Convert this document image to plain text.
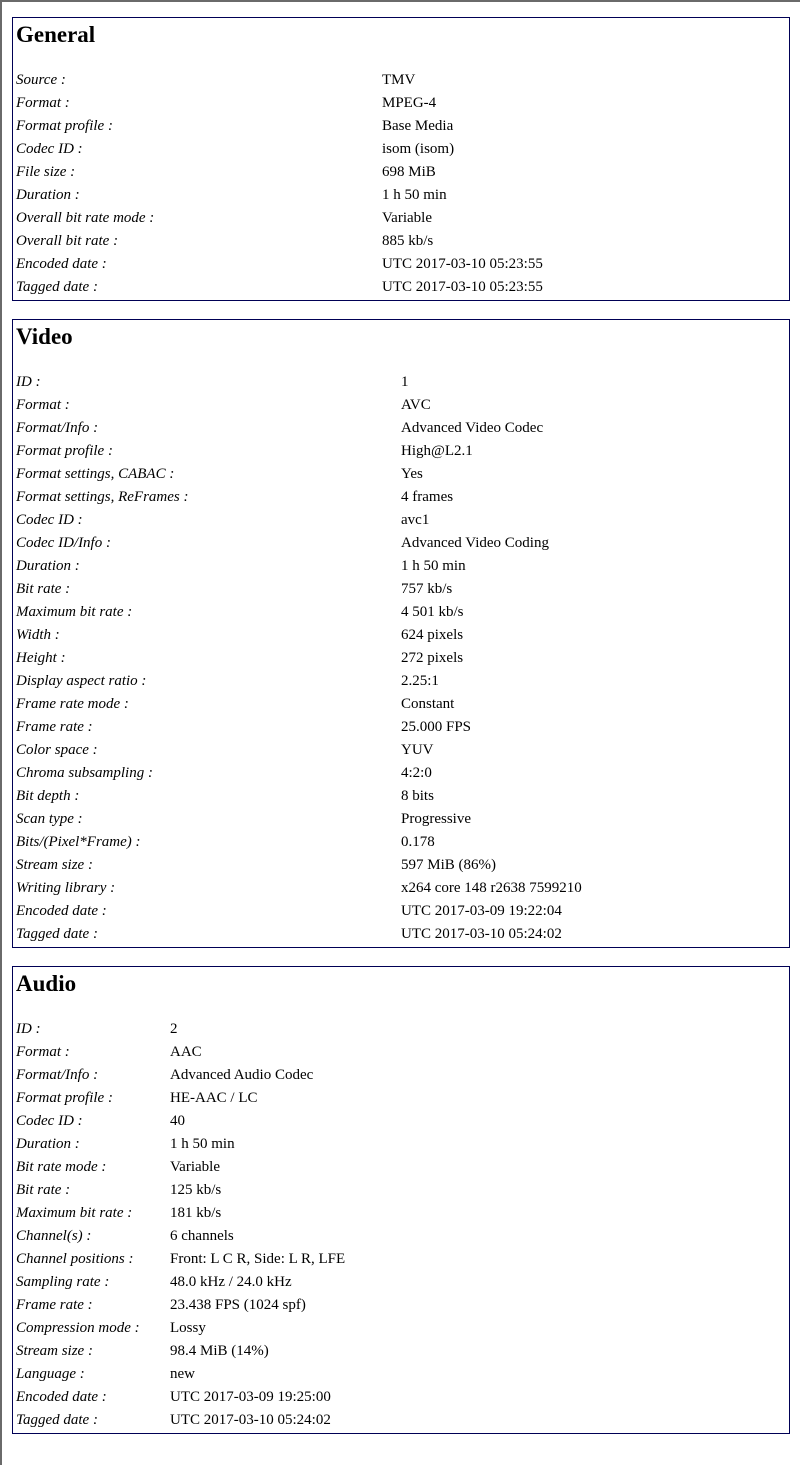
General
Source :	TMV
Format :	MPEG-4
Format profile :	Base Media
Codec ID :	isom (isom)
File size :	698 MiB
Duration :	1 h 50 min
Overall bit rate mode :	Variable
Overall bit rate :	885 kb/s
Encoded date :	UTC 2017-03-10 05:23:55
Tagged date :	UTC 2017-03-10 05:23:55
Video
ID :	1
Format :	AVC
Format/Info :	Advanced Video Codec
Format profile :	High@L2.1
Format settings, CABAC :	Yes
Format settings, ReFrames :	4 frames
Codec ID :	avc1
Codec ID/Info :	Advanced Video Coding
Duration :	1 h 50 min
Bit rate :	757 kb/s
Maximum bit rate :	4 501 kb/s
Width :	624 pixels
Height :	272 pixels
Display aspect ratio :	2.25:1
Frame rate mode :	Constant
Frame rate :	25.000 FPS
Color space :	YUV
Chroma subsampling :	4:2:0
Bit depth :	8 bits
Scan type :	Progressive
Bits/(Pixel*Frame) :	0.178
Stream size :	597 MiB (86%)
Writing library :	x264 core 148 r2638 7599210
Encoded date :	UTC 2017-03-09 19:22:04
Tagged date :	UTC 2017-03-10 05:24:02
Audio
ID :	2
Format :	AAC
Format/Info :	Advanced Audio Codec
Format profile :	HE-AAC / LC
Codec ID :	40
Duration :	1 h 50 min
Bit rate mode :	Variable
Bit rate :	125 kb/s
Maximum bit rate :	181 kb/s
Channel(s) :	6 channels
Channel positions :	Front: L C R, Side: L R, LFE
Sampling rate :	48.0 kHz / 24.0 kHz
Frame rate :	23.438 FPS (1024 spf)
Compression mode :	Lossy
Stream size :	98.4 MiB (14%)
Language :	new
Encoded date :	UTC 2017-03-09 19:25:00
Tagged date :	UTC 2017-03-10 05:24:02
